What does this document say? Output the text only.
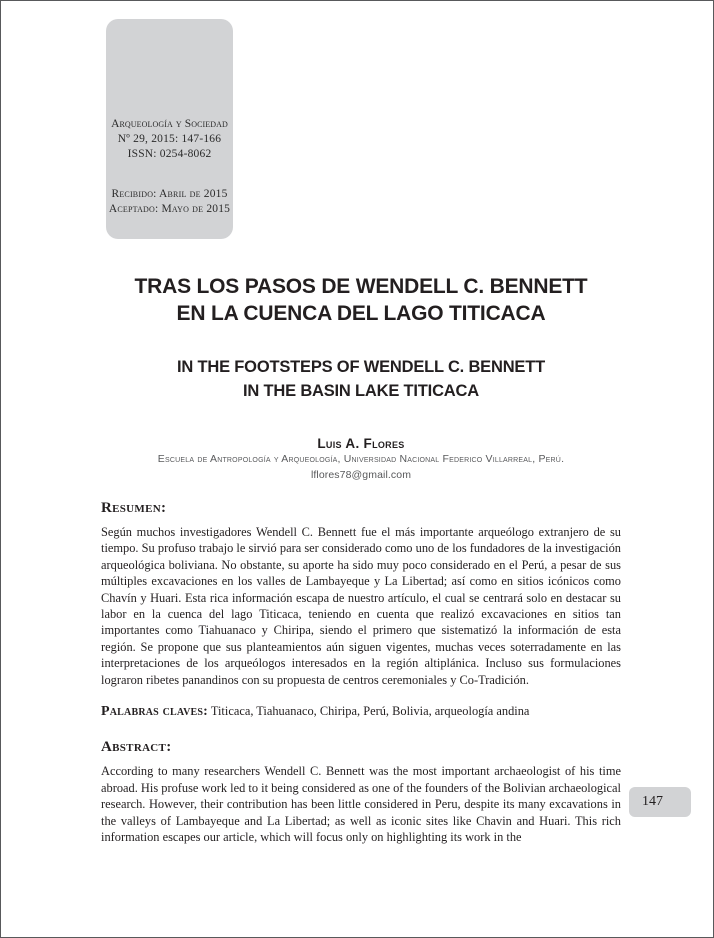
Arqueología y Sociedad
Nº 29, 2015: 147-166
ISSN: 0254-8062
Recibido: Abril de 2015
Aceptado: Mayo de 2015
TRAS LOS PASOS DE WENDELL C. BENNETT
EN LA CUENCA DEL LAGO TITICACA
IN THE FOOTSTEPS OF WENDELL C. BENNETT
IN THE BASIN LAKE TITICACA
Luis A. Flores
Escuela de Antropología y Arqueología, Universidad Nacional Federico Villarreal, Perú.
lflores78@gmail.com

Resumen:

Según muchos investigadores Wendell C. Bennett fue el más importante arqueólogo extranjero de su tiempo. Su profuso trabajo le sirvió para ser considerado como uno de los fundadores de la investigación arqueológica boliviana. No obstante, su aporte ha sido muy poco considerado en el Perú, a pesar de sus múltiples excavaciones en los valles de Lambayeque y La Libertad; así como en sitios icónicos como Chavín y Huari. Esta rica información escapa de nuestro artículo, el cual se centrará solo en destacar su labor en la cuenca del lago Titicaca, teniendo en cuenta que realizó excavaciones en sitios tan importantes como Tiahuanaco y Chiripa, siendo el primero que sistematizó la información de esta región. Se propone que sus planteamientos aún siguen vigentes, muchas veces soterradamente en las interpretaciones de los arqueólogos interesados en la región altiplánica. Incluso sus formulaciones lograron ribetes panandinos con su propuesta de centros ceremoniales y Co-Tradición.

Palabras claves: Titicaca, Tiahuanaco, Chiripa, Perú, Bolivia, arqueología andina

Abstract:

According to many researchers Wendell C. Bennett was the most important archaeologist of his time abroad. His profuse work led to it being considered as one of the founders of the Bolivian archaeological research. However, their contribution has been little considered in Peru, despite its many excavations in the valleys of Lambayeque and La Libertad; as well as iconic sites like Chavin and Huari. This rich information escapes our article, which will focus only on highlighting its work in the

147
